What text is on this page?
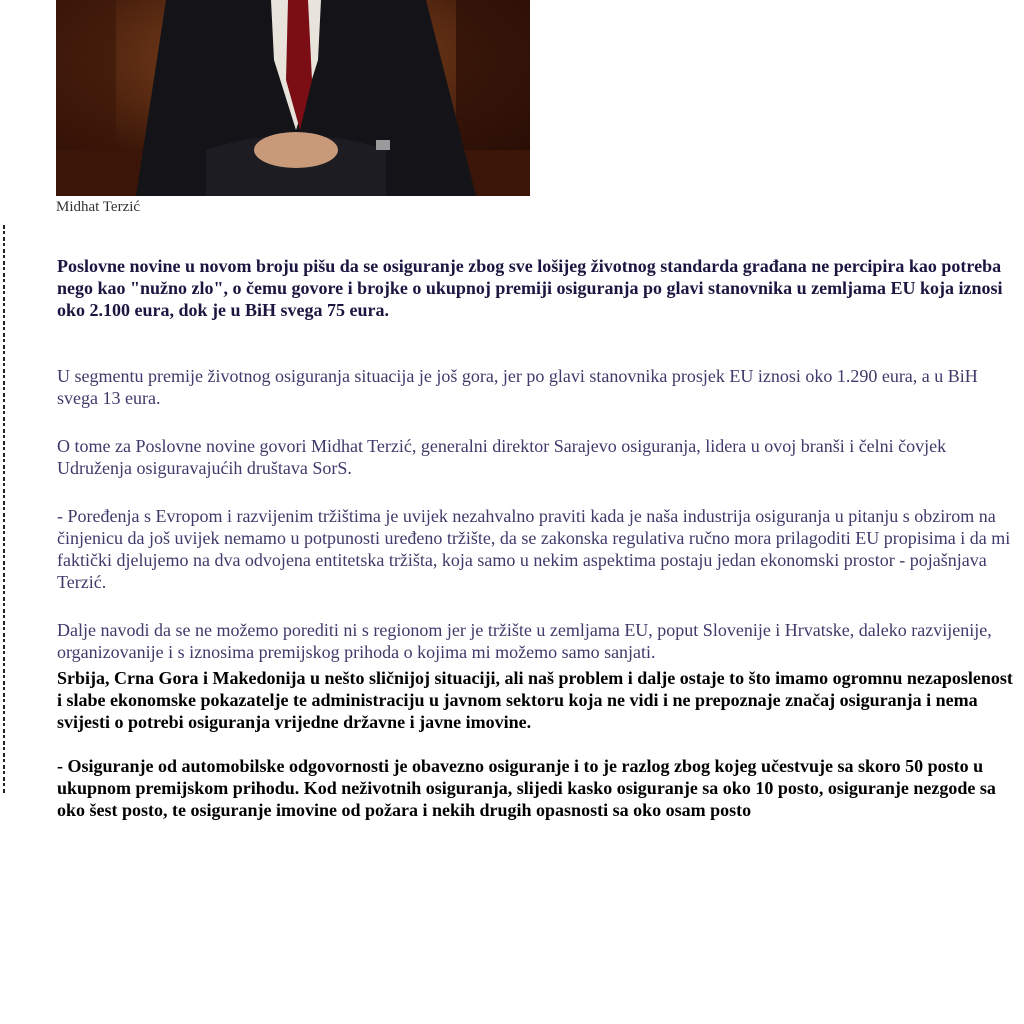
Midhat Terzić

Poslovne novine u novom broju pišu da se osiguranje zbog sve lošijeg životnog standarda građana ne percipira kao potreba nego kao "nužno zlo", o čemu govore i brojke o ukupnoj premiji osiguranja po glavi stanovnika u zemljama EU koja iznosi oko 2.100 eura, dok je u BiH svega 75 eura.

U segmentu premije životnog osiguranja situacija je još gora, jer po glavi stanovnika prosjek EU iznosi oko 1.290 eura, a u BiH svega 13 eura.

O tome za Poslovne novine govori Midhat Terzić, generalni direktor Sarajevo osiguranja, lidera u ovoj branši i čelni čovjek Udruženja osiguravajućih društava SorS.

- Poređenja s Evropom i razvijenim tržištima je uvijek nezahvalno praviti kada je naša industrija osiguranja u pitanju s obzirom na činjenicu da još uvijek nemamo u potpunosti uređeno tržište, da se zakonska regulativa ručno mora prilagoditi EU propisima i da mi faktički djelujemo na dva odvojena entitetska tržišta, koja samo u nekim aspektima postaju jedan ekonomski prostor - pojašnjava Terzić.

Dalje navodi da se ne možemo porediti ni s regionom jer je tržište u zemljama EU, poput Slovenije i Hrvatske, daleko razvijenije, organizovanije i s iznosima premijskog prihoda o kojima mi možemo samo sanjati.

Srbija, Crna Gora i Makedonija u nešto sličnijoj situaciji, ali naš problem i dalje ostaje to što imamo ogromnu nezaposlenost i slabe ekonomske pokazatelje te administraciju u javnom sektoru koja ne vidi i ne prepoznaje značaj osiguranja i nema svijesti o potrebi osiguranja vrijedne državne i javne imovine.

- Osiguranje od automobilske odgovornosti je obavezno osiguranje i to je razlog zbog kojeg učestvuje sa skoro 50 posto u ukupnom premijskom prihodu. Kod neživotnih osiguranja, slijedi kasko osiguranje sa oko 10 posto, osiguranje nezgode sa oko šest posto, te osiguranje imovine od požara i nekih drugih opasnosti sa oko osam posto
